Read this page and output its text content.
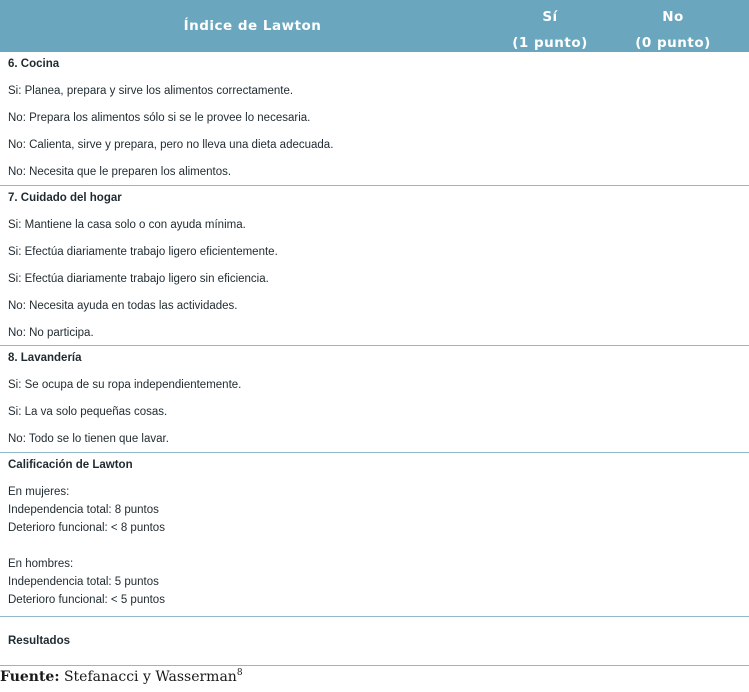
Índice de Lawton
Sí
(1 punto)
No
(0 punto)
6. Cocina
Si: Planea, prepara y sirve los alimentos correctamente.
No: Prepara los alimentos sólo si se le provee lo necesaria.
No: Calienta, sirve y prepara, pero no lleva una dieta adecuada.
No: Necesita que le preparen los alimentos.
7. Cuidado del hogar
Si: Mantiene la casa solo o con ayuda mínima.
Si: Efectúa diariamente trabajo ligero eficientemente.
Si: Efectúa diariamente trabajo ligero sin eficiencia.
No: Necesita ayuda en todas las actividades.
No: No participa.
8. Lavandería
Si: Se ocupa de su ropa independientemente.
Si: La va solo pequeñas cosas.
No: Todo se lo tienen que lavar.
Calificación de Lawton
En mujeres:
Independencia total: 8 puntos
Deterioro funcional: < 8 puntos
En hombres:
Independencia total: 5 puntos
Deterioro funcional: < 5 puntos
Resultados
Fuente: Stefanacci y Wasserman$^8$
